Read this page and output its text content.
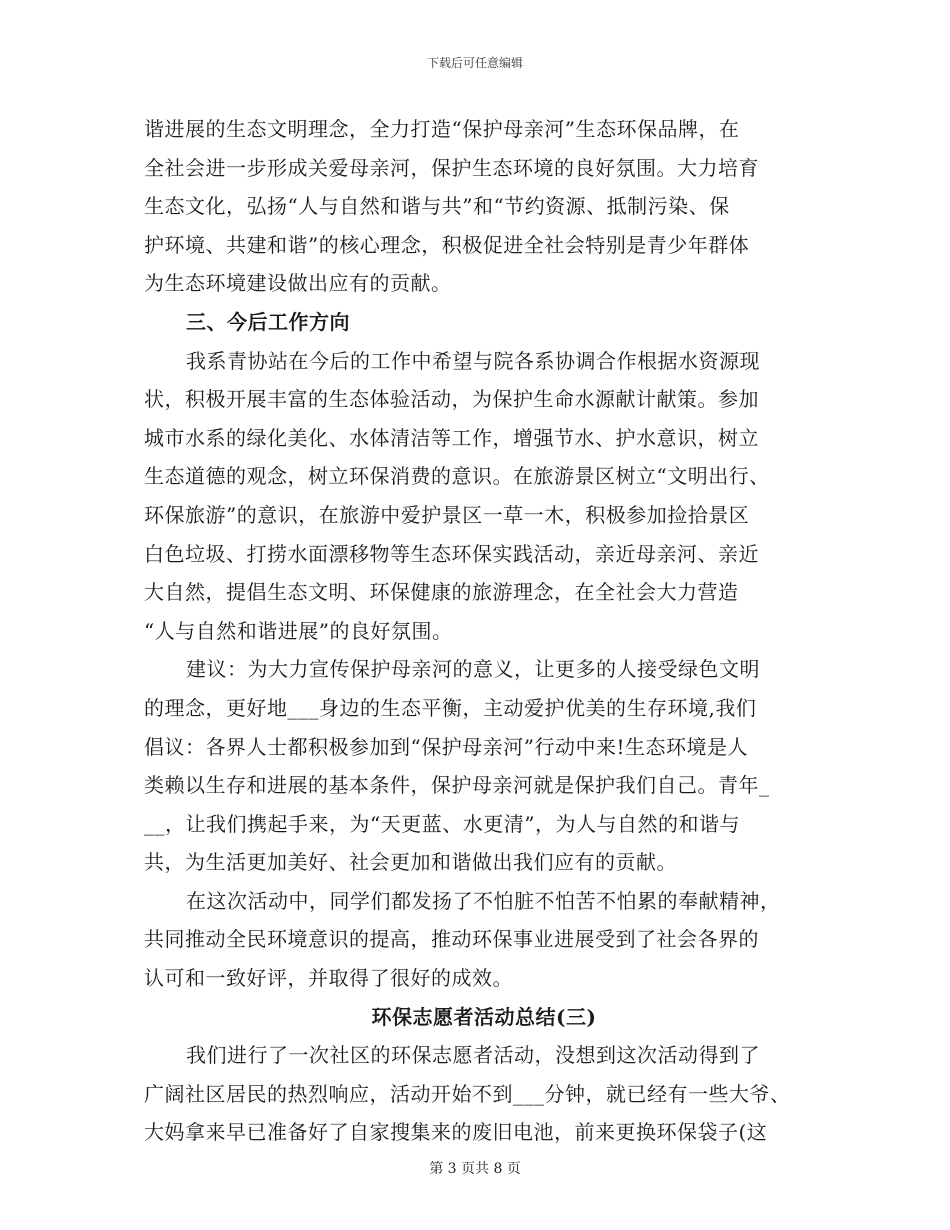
下载后可任意编辑
谐进展的生态文明理念，全力打造“保护母亲河”生态环保品牌，在
全社会进一步形成关爱母亲河，保护生态环境的良好氛围。大力培育
生态文化，弘扬“人与自然和谐与共”和“节约资源、抵制污染、保
护环境、共建和谐”的核心理念，积极促进全社会特别是青少年群体
为生态环境建设做出应有的贡献。
三、今后工作方向
我系青协站在今后的工作中希望与院各系协调合作根据水资源现
状，积极开展丰富的生态体验活动，为保护生命水源献计献策。参加
城市水系的绿化美化、水体清洁等工作，增强节水、护水意识，树立
生态道德的观念，树立环保消费的意识。在旅游景区树立“文明出行、
环保旅游”的意识，在旅游中爱护景区一草一木，积极参加捡拾景区
白色垃圾、打捞水面漂移物等生态环保实践活动，亲近母亲河、亲近
大自然，提倡生态文明、环保健康的旅游理念，在全社会大力营造
“人与自然和谐进展”的良好氛围。
建议：为大力宣传保护母亲河的意义，让更多的人接受绿色文明
的理念，更好地___身边的生态平衡，主动爱护优美的生存环境,我们
倡议：各界人士都积极参加到“保护母亲河”行动中来!生态环境是人
类赖以生存和进展的基本条件，保护母亲河就是保护我们自己。青年_
__，让我们携起手来，为“天更蓝、水更清”，为人与自然的和谐与
共，为生活更加美好、社会更加和谐做出我们应有的贡献。
在这次活动中，同学们都发扬了不怕脏不怕苦不怕累的奉献精神，
共同推动全民环境意识的提高，推动环保事业进展受到了社会各界的
认可和一致好评，并取得了很好的成效。
环保志愿者活动总结(三)
我们进行了一次社区的环保志愿者活动，没想到这次活动得到了
广阔社区居民的热烈响应，活动开始不到___分钟，就已经有一些大爷、
大妈拿来早已准备好了自家搜集来的废旧电池，前来更换环保袋子(这
第 3 页共 8 页
